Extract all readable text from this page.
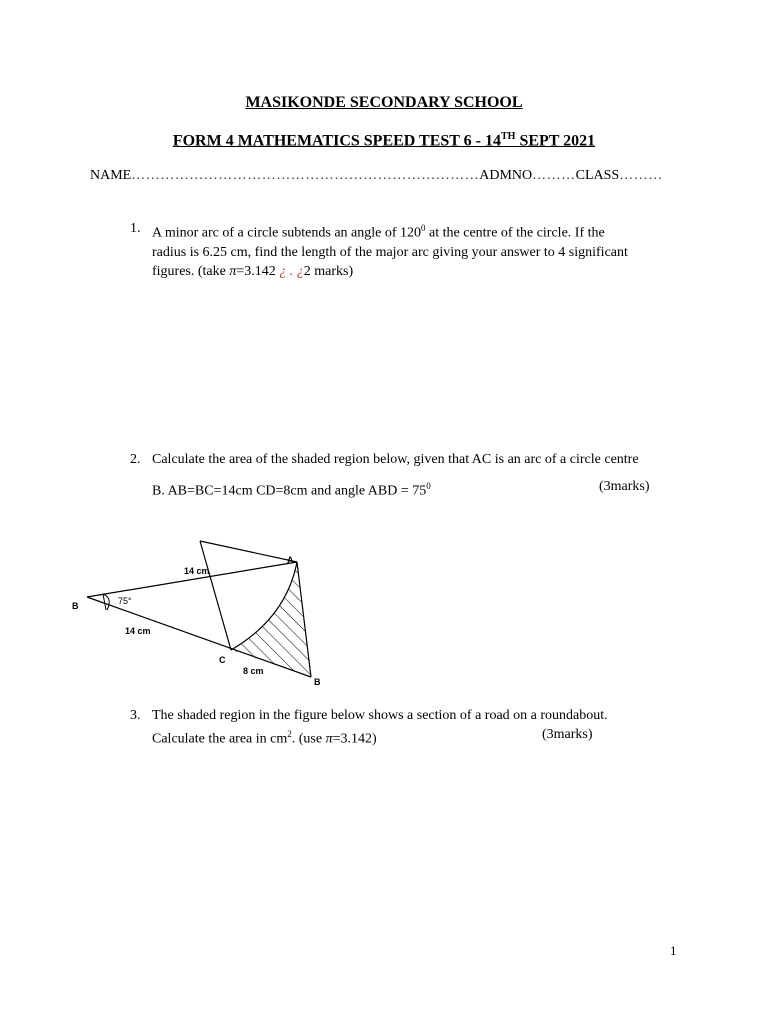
MASIKONDE SECONDARY SCHOOL
FORM 4 MATHEMATICS SPEED TEST 6 - 14TH SEPT 2021
NAME………………………………………………………………ADMNO………CLASS………
1. A minor arc of a circle subtends an angle of $120^0$ at the centre of the circle. If the
radius is 6.25 cm, find the length of the major arc giving your answer to 4 significant
figures. (take π=3.142 ¿ . ¿2 marks)
2. Calculate the area of the shaded region below, given that AC is an arc of a circle centre
B. AB=BC=14cm CD=8cm and angle ABD = $75^0$	(3marks)
B	75°
14 cm
14 cm
A
C
8 cm
B
3. The shaded region in the figure below shows a section of a road on a roundabout.
Calculate the area in $cm^2$. (use π=3.142)	(3marks)
1
